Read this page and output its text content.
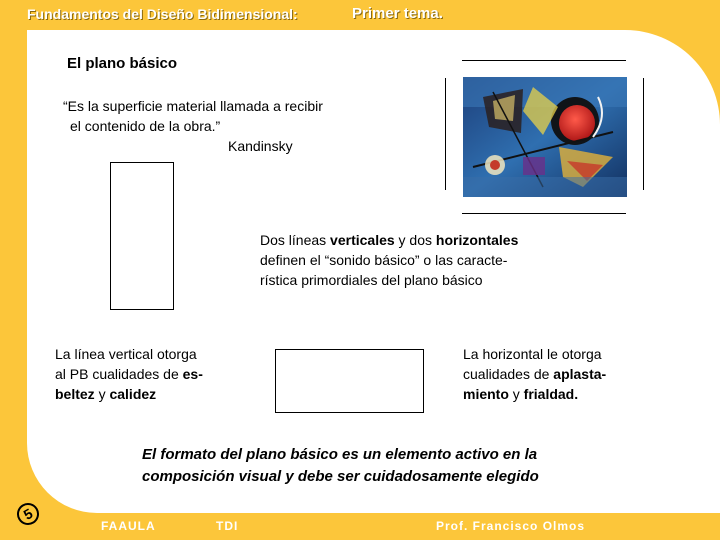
Fundamentos del Diseño Bidimensional:	Primer tema.
El plano básico
“Es la superficie material llamada a recibir
el contenido de la obra.”
Kandinsky
Dos líneas verticales y dos horizontales
definen el “sonido básico” o las caracte-
rística primordiales del plano básico
La línea vertical otorga
al PB cualidades de es-
beltez y calidez
La horizontal le otorga
cualidades de aplasta-
miento y frialdad.
El formato del plano básico es un elemento activo en la
composición visual y debe ser cuidadosamente elegido
5
FAAULA	TDI	Prof. Francisco Olmos
